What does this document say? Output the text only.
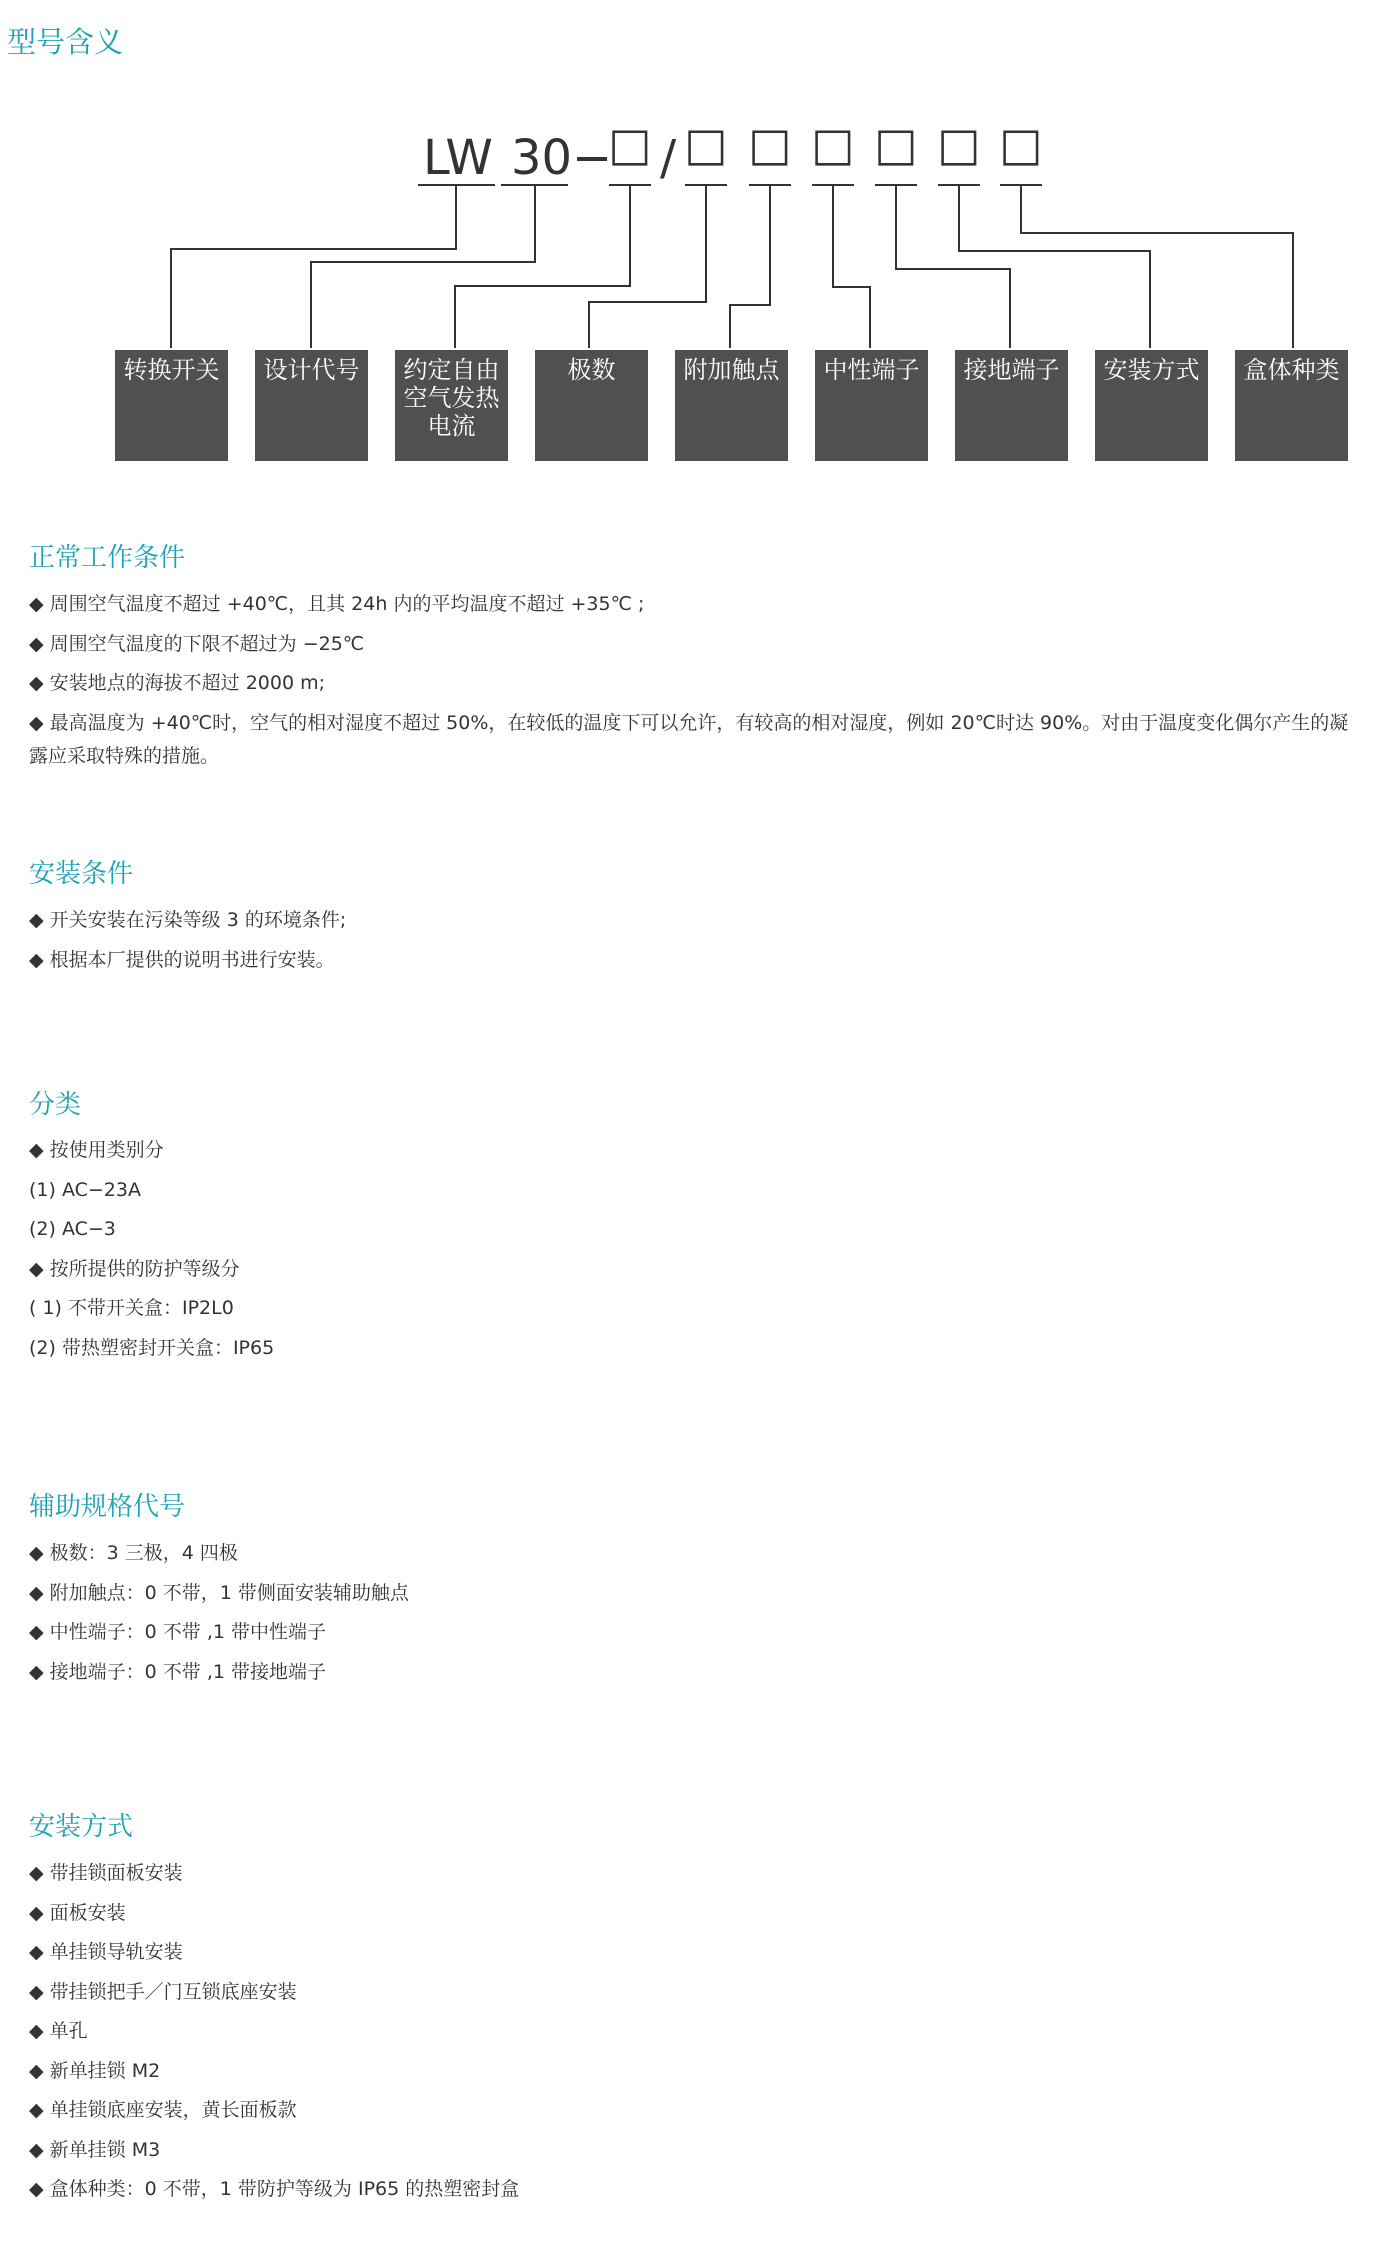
型号含义
LW 30 − /
□ □ □ □ □ □ □
转换开关 设计代号 约定自由
空气发热
电流
极数	附加触点 中性端子 接地端子 安装方式 盒体种类
正常工作条件
◆ 周围空气温度不超过 +40℃，且其 24h 内的平均温度不超过 +35℃ ;
◆ 周围空气温度的下限不超过为 −25℃
◆ 安装地点的海拔不超过 2000 m;
◆ 最高温度为 +40℃时，空气的相对湿度不超过 50%，在较低的温度下可以允许，有较高的相对湿度，例如 20℃时达 90%。对由于温度变化偶尔产生的凝露应采取特殊的措施。
安装条件
◆ 开关安装在污染等级 3 的环境条件;
◆ 根据本厂提供的说明书进行安装。
分类
◆ 按使用类别分
(1) AC−23A
(2) AC−3
◆ 按所提供的防护等级分
( 1) 不带开关盒：IP2L0
(2) 带热塑密封开关盒：IP65
辅助规格代号
◆ 极数：3 三极，4 四极
◆ 附加触点：0 不带，1 带侧面安装辅助触点
◆ 中性端子：0 不带 ,1 带中性端子
◆ 接地端子：0 不带 ,1 带接地端子
安装方式
◆ 带挂锁面板安装
◆ 面板安装
◆ 单挂锁导轨安装
◆ 带挂锁把手／门互锁底座安装
◆ 单孔
◆ 新单挂锁 M2
◆ 单挂锁底座安装，黄长面板款
◆ 新单挂锁 M3
◆ 盒体种类：0 不带，1 带防护等级为 IP65 的热塑密封盒
